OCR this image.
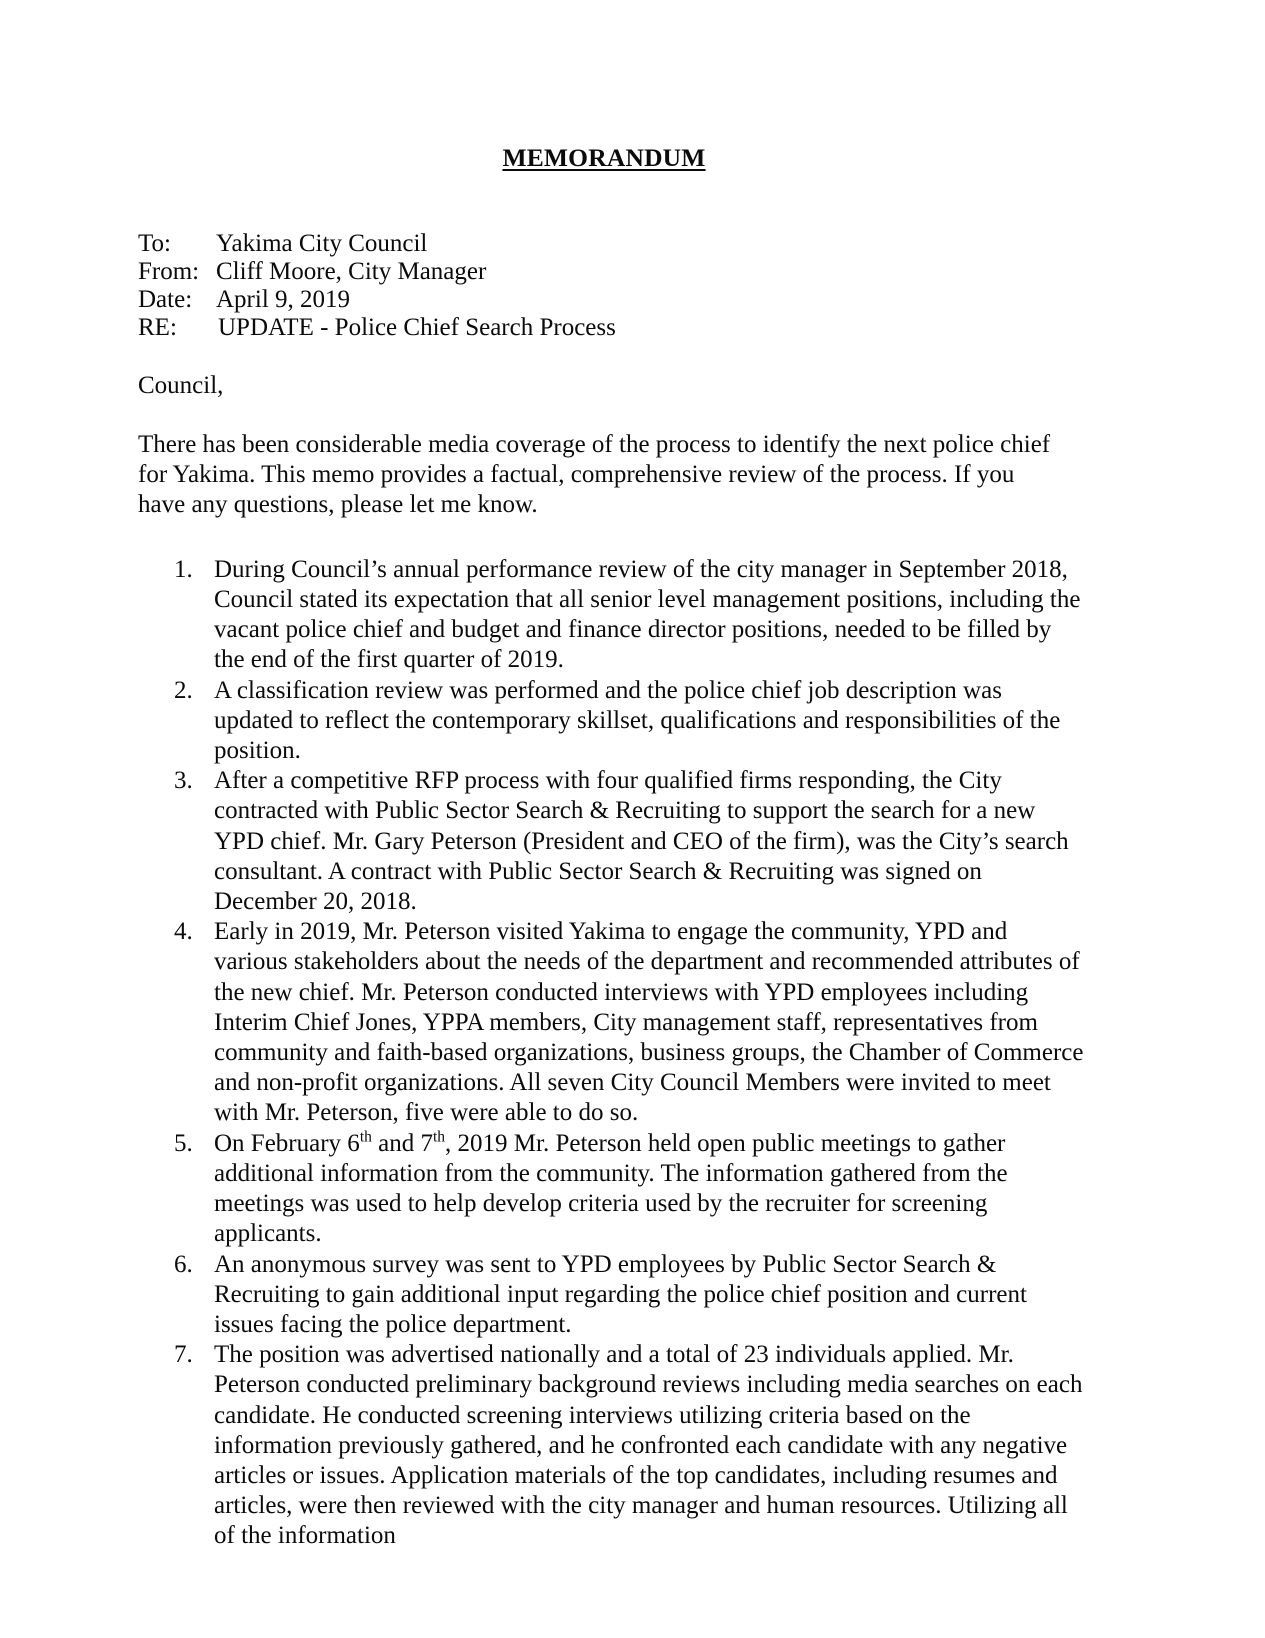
MEMORANDUM
To:	Yakima City Council
From: Cliff Moore, City Manager
Date: April 9, 2019
RE:	UPDATE - Police Chief Search Process

Council,

There has been considerable media coverage of the process to identify the next police chief for Yakima. This memo provides a factual, comprehensive review of the process. If you have any questions, please let me know.

1. During Council’s annual performance review of the city manager in September 2018, Council stated its expectation that all senior level management positions, including the vacant police chief and budget and finance director positions, needed to be filled by the end of the first quarter of 2019.
2. A classification review was performed and the police chief job description was updated to reflect the contemporary skillset, qualifications and responsibilities of the position.
3. After a competitive RFP process with four qualified firms responding, the City contracted with Public Sector Search & Recruiting to support the search for a new YPD chief. Mr. Gary Peterson (President and CEO of the firm), was the City’s search consultant. A contract with Public Sector Search & Recruiting was signed on December 20, 2018.
4. Early in 2019, Mr. Peterson visited Yakima to engage the community, YPD and various stakeholders about the needs of the department and recommended attributes of the new chief. Mr. Peterson conducted interviews with YPD employees including Interim Chief Jones, YPPA members, City management staff, representatives from community and faith-based organizations, business groups, the Chamber of Commerce and non-profit organizations. All seven City Council Members were invited to meet with Mr. Peterson, five were able to do so.
5. On February 6th and 7th, 2019 Mr. Peterson held open public meetings to gather additional information from the community. The information gathered from the meetings was used to help develop criteria used by the recruiter for screening applicants.
6. An anonymous survey was sent to YPD employees by Public Sector Search & Recruiting to gain additional input regarding the police chief position and current issues facing the police department.
7. The position was advertised nationally and a total of 23 individuals applied. Mr. Peterson conducted preliminary background reviews including media searches on each candidate. He conducted screening interviews utilizing criteria based on the information previously gathered, and he confronted each candidate with any negative articles or issues. Application materials of the top candidates, including resumes and articles, were then reviewed with the city manager and human resources. Utilizing all of the information
